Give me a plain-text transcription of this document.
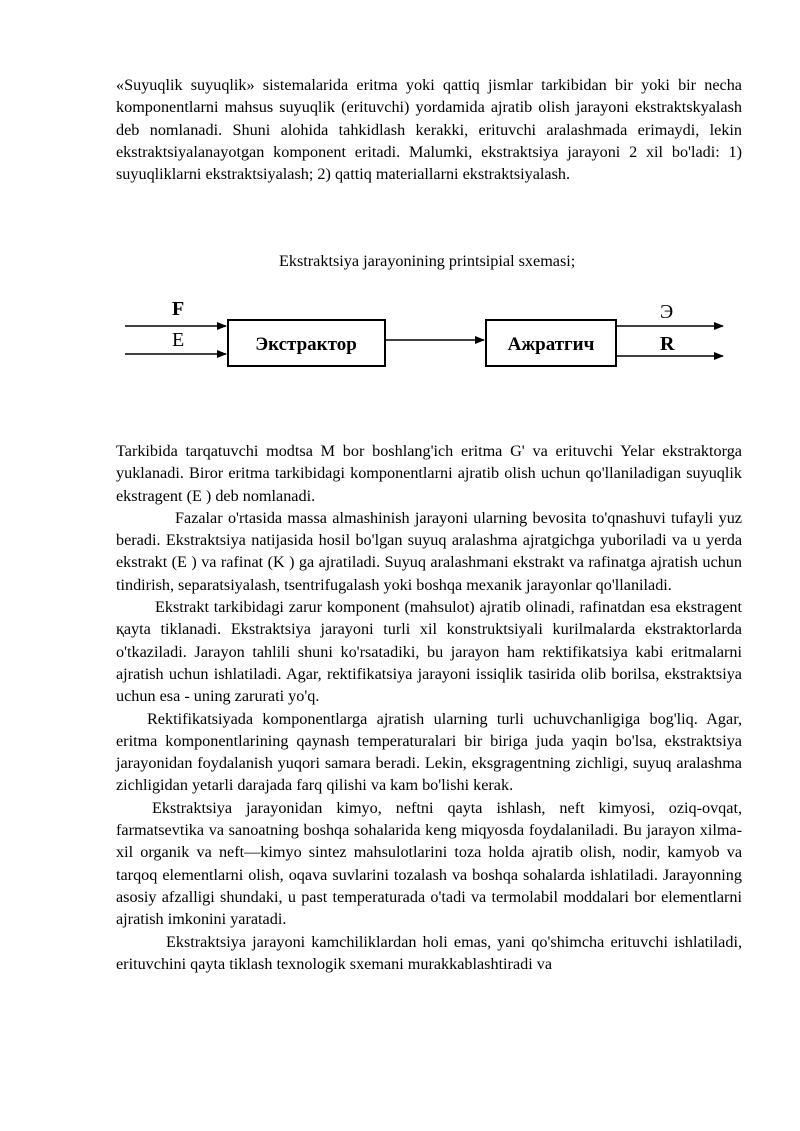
«Suyuqlik suyuqlik» sistemalarida eritma yoki qattiq jismlar tarkibidan bir yoki bir necha komponentlarni mahsus suyuqlik (erituvchi) yordamida ajratib olish jarayoni ekstraktskyalash deb nomlanadi. Shuni alohida tahkidlash kerakki, erituvchi aralashmada erimaydi, lekin ekstraktsiyalanayotgan komponent eritadi. Malumki, ekstraktsiya jarayoni 2 xil bo'ladi: 1) suyuqliklarni ekstraktsiyalash; 2) qattiq materiallarni ekstraktsiyalash.

Ekstraktsiya jarayonining printsipial sxemasi;
F
E	Экстрактор	Ажратгич
Э
R

Tarkibida tarqatuvchi modtsa M bor boshlang'ich eritma G' va erituvchi Yelar ekstraktorga yuklanadi. Biror eritma tarkibidagi komponentlarni ajratib olish uchun qo'llaniladigan suyuqlik ekstragent (E ) deb nomlanadi.

Fazalar o'rtasida massa almashinish jarayoni ularning bevosita to'qnashuvi tufayli yuz beradi. Ekstraktsiya natijasida hosil bo'lgan suyuq aralashma ajratgichga yuboriladi va u yerda ekstrakt (E ) va rafinat (K ) ga ajratiladi. Suyuq aralashmani ekstrakt va rafinatga ajratish uchun tindirish, separatsiyalash, tsentrifugalash yoki boshqa mexanik jarayonlar qo'llaniladi.

Ekstrakt tarkibidagi zarur komponent (mahsulot) ajratib olinadi, rafinatdan esa ekstragent қayta tiklanadi. Ekstraktsiya jarayoni turli xil konstruktsiyali kurilmalarda ekstraktorlarda o'tkaziladi. Jarayon tahlili shuni ko'rsatadiki, bu jarayon ham rektifikatsiya kabi eritmalarni ajratish uchun ishlatiladi. Agar, rektifikatsiya jarayoni issiqlik tasirida olib borilsa, ekstraktsiya uchun esa - uning zarurati yo'q.

Rektifikatsiyada komponentlarga ajratish ularning turli uchuvchanligiga bog'liq. Agar, eritma komponentlarining qaynash temperaturalari bir biriga juda yaqin bo'lsa, ekstraktsiya jarayonidan foydalanish yuqori samara beradi. Lekin, eksgragentning zichligi, suyuq aralashma zichligidan yetarli darajada farq qilishi va kam bo'lishi kerak.

Ekstraktsiya jarayonidan kimyo, neftni qayta ishlash, neft kimyosi, oziq-ovqat, farmatsevtika va sanoatning boshqa sohalarida keng miqyosda foydalaniladi. Bu jarayon xilma-xil organik va neft—kimyo sintez mahsulotlarini toza holda ajratib olish, nodir, kamyob va tarqoq elementlarni olish, oqava suvlarini tozalash va boshqa sohalarda ishlatiladi. Jarayonning asosiy afzalligi shundaki, u past temperaturada o'tadi va termolabil moddalari bor elementlarni ajratish imkonini yaratadi.

Ekstraktsiya jarayoni kamchiliklardan holi emas, yani qo'shimcha erituvchi ishlatiladi, erituvchini qayta tiklash texnologik sxemani murakkablashtiradi va
